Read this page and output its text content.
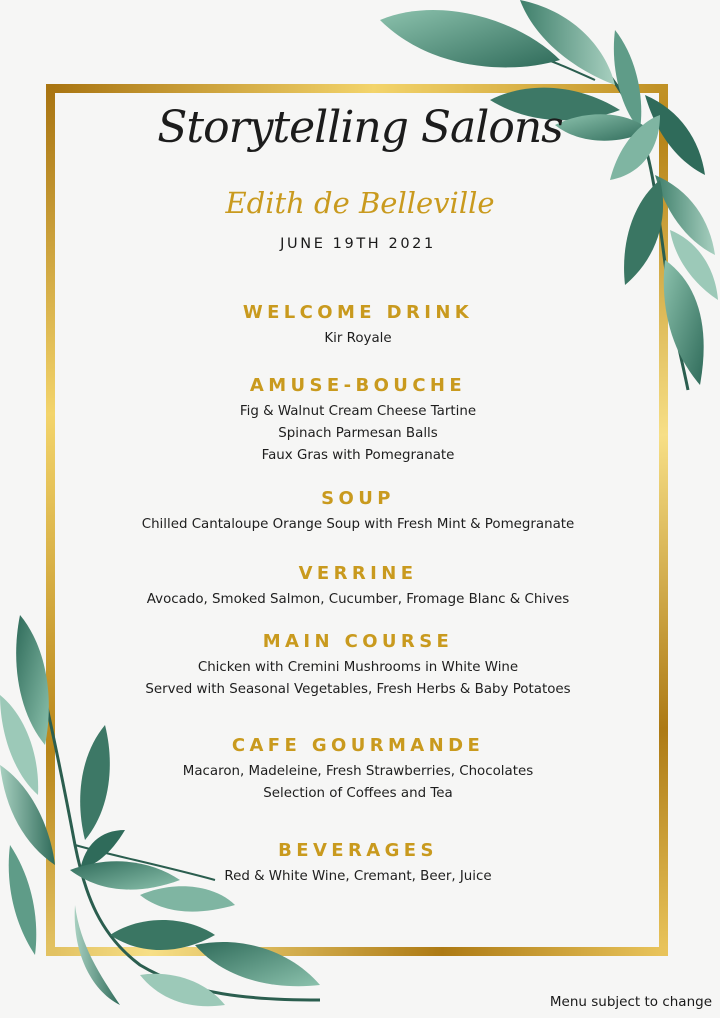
Storytelling Salons
Edith de Belleville
JUNE 19TH 2021
WELCOME DRINK
Kir Royale
AMUSE-BOUCHE
Fig & Walnut Cream Cheese Tartine
Spinach Parmesan Balls
Faux Gras with Pomegranate
SOUP
Chilled Cantaloupe Orange Soup with Fresh Mint & Pomegranate
VERRINE
Avocado, Smoked Salmon, Cucumber, Fromage Blanc & Chives
MAIN COURSE
Chicken with Cremini Mushrooms in White Wine
Served with Seasonal Vegetables, Fresh Herbs & Baby Potatoes
CAFE GOURMANDE
Macaron, Madeleine, Fresh Strawberries, Chocolates
Selection of Coffees and Tea
BEVERAGES
Red & White Wine, Cremant, Beer, Juice
Menu subject to change
